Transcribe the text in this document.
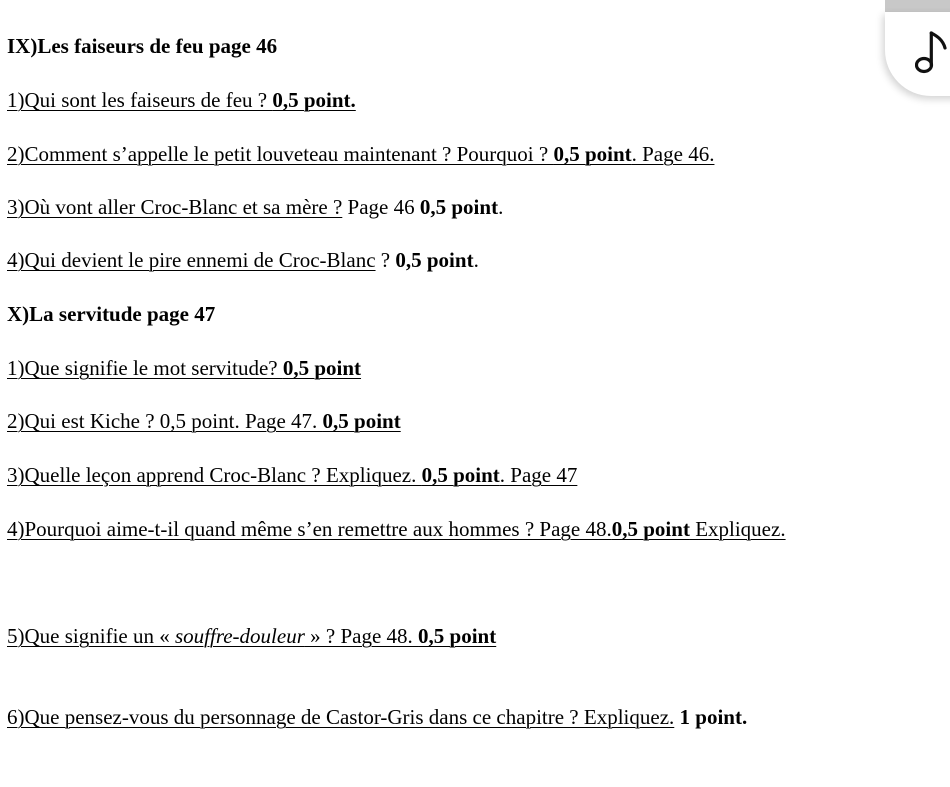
IX)Les faiseurs de feu page 46
1)Qui sont les faiseurs de feu ? 0,5 point.
2)Comment s’appelle le petit louveteau maintenant ? Pourquoi ? 0,5 point. Page 46.
3)Où vont aller Croc-Blanc et sa mère ? Page 46 0,5 point.
4)Qui devient le pire ennemi de Croc-Blanc ? 0,5 point.
X)La servitude page 47
1)Que signifie le mot servitude? 0,5 point
2)Qui est Kiche ? 0,5 point. Page 47. 0,5 point
3)Quelle leçon apprend Croc-Blanc ? Expliquez. 0,5 point. Page 47
4)Pourquoi aime-t-il quand même s’en remettre aux hommes ? Page 48.0,5 point Expliquez.
5)Que signifie un « souffre-douleur » ? Page 48. 0,5 point
6)Que pensez-vous du personnage de Castor-Gris dans ce chapitre ? Expliquez. 1 point.
